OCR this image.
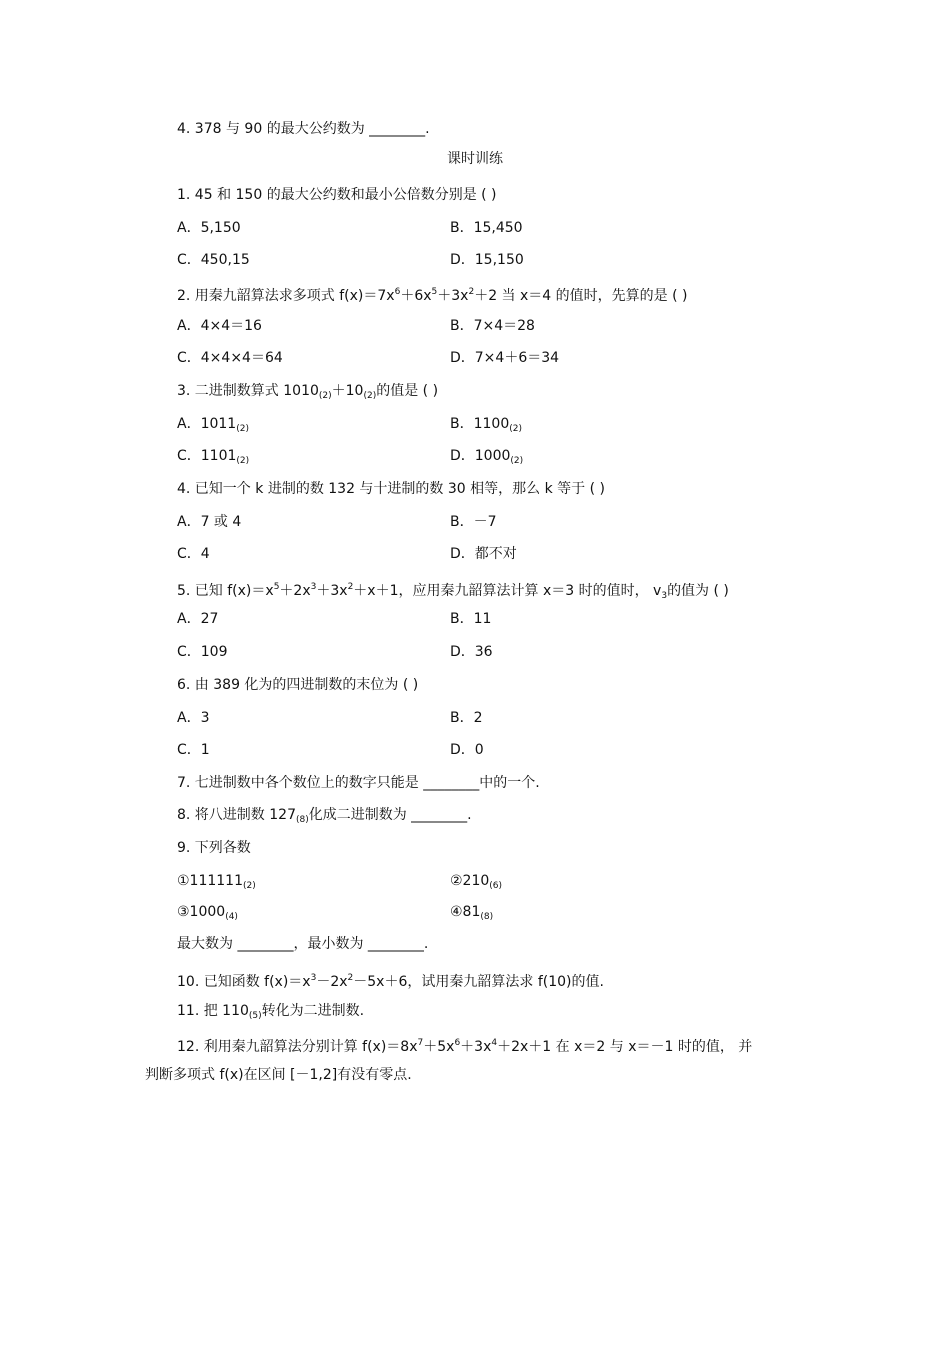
4. 378 与 90 的最大公约数为 ________.
课时训练
1. 45 和 150 的最大公约数和最小公倍数分别是 ( )
A．5,150	B．15,450
C．450,15	D．15,150
2. 用秦九韶算法求多项式 $f(x)=7x^6+6x^5+3x^2+2$ 当 x＝4 的值时，先算的是 ( )
A．4×4＝16	B．7×4＝28
C．4×4×4＝64	D．7×4＋6＝34
3. 二进制数算式 $1010_{(2)}+10_{(2)}$的值是 ( )
A．$1011_{(2)}$	B．$1100_{(2)}$
C．$1101_{(2)}$	D．$1000_{(2)}$
4. 已知一个 k 进制的数 132 与十进制的数 30 相等，那么 k 等于 ( )
A．7 或 4	B．－7
C．4	D．都不对
5. 已知 $f(x)=x^5+2x^3+3x^2+x+1$，应用秦九韶算法计算 x＝3 时的值时， $v_3$的值为 ( )
A．27	B．11
C．109	D．36
6. 由 389 化为的四进制数的末位为 ( )
A．3	B．2
C．1	D．0
7. 七进制数中各个数位上的数字只能是 ________中的一个.
8. 将八进制数 $127_{(8)}$化成二进制数为 ________.
9. 下列各数
$①111111_{(2)}$	$②210_{(6)}$
$③1000_{(4)}$	$④81_{(8)}$
最大数为 ________，最小数为 ________.
10. 已知函数 $f(x)=x^3-2x^2-5x+6$，试用秦九韶算法求 f(10)的值.
11. 把 $110_{(5)}$转化为二进制数.
12. 利用秦九韶算法分别计算 $f(x)=8x^7+5x^6+3x^4+2x+1$ 在 x＝2 与 x＝－1 时的值， 并
判断多项式 f(x)在区间 [－1,2]有没有零点.
